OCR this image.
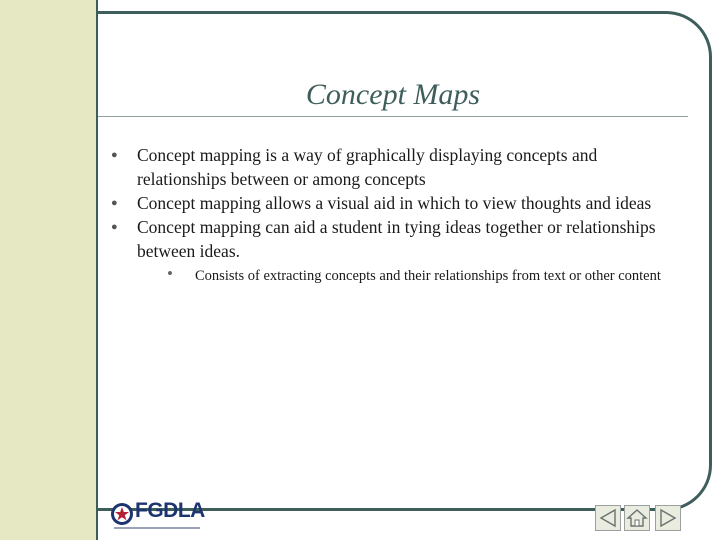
Concept Maps
● Concept mapping is a way of graphically displaying concepts and relationships between or among concepts
● Concept mapping allows a visual aid in which to view thoughts and ideas
● Concept mapping can aid a student in tying ideas together or relationships between ideas.
• Consists of extracting concepts and their relationships from text or other content
FGDLA
